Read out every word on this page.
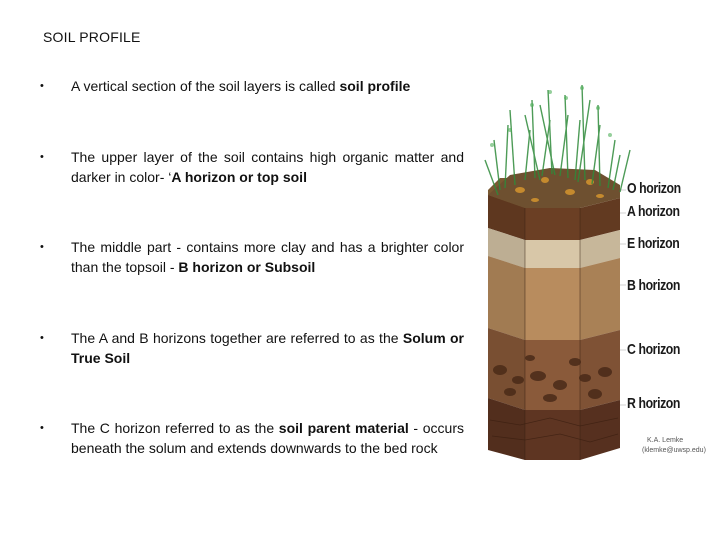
SOIL PROFILE
•	A vertical section of the soil layers is called soil profile
•	The upper layer of the soil contains high organic matter and darker in color- ‘A horizon or top soil
•	The middle part - contains more clay and has a brighter color than the topsoil - B horizon or Subsoil
•	The A and B horizons together are referred to as the Solum or True Soil
•	The C horizon referred to as the soil parent material - occurs beneath the solum and extends downwards to the bed rock
O horizon
A horizon
E horizon
B horizon
C horizon
R horizon
K.A. Lemke
(klemke@uwsp.edu)
